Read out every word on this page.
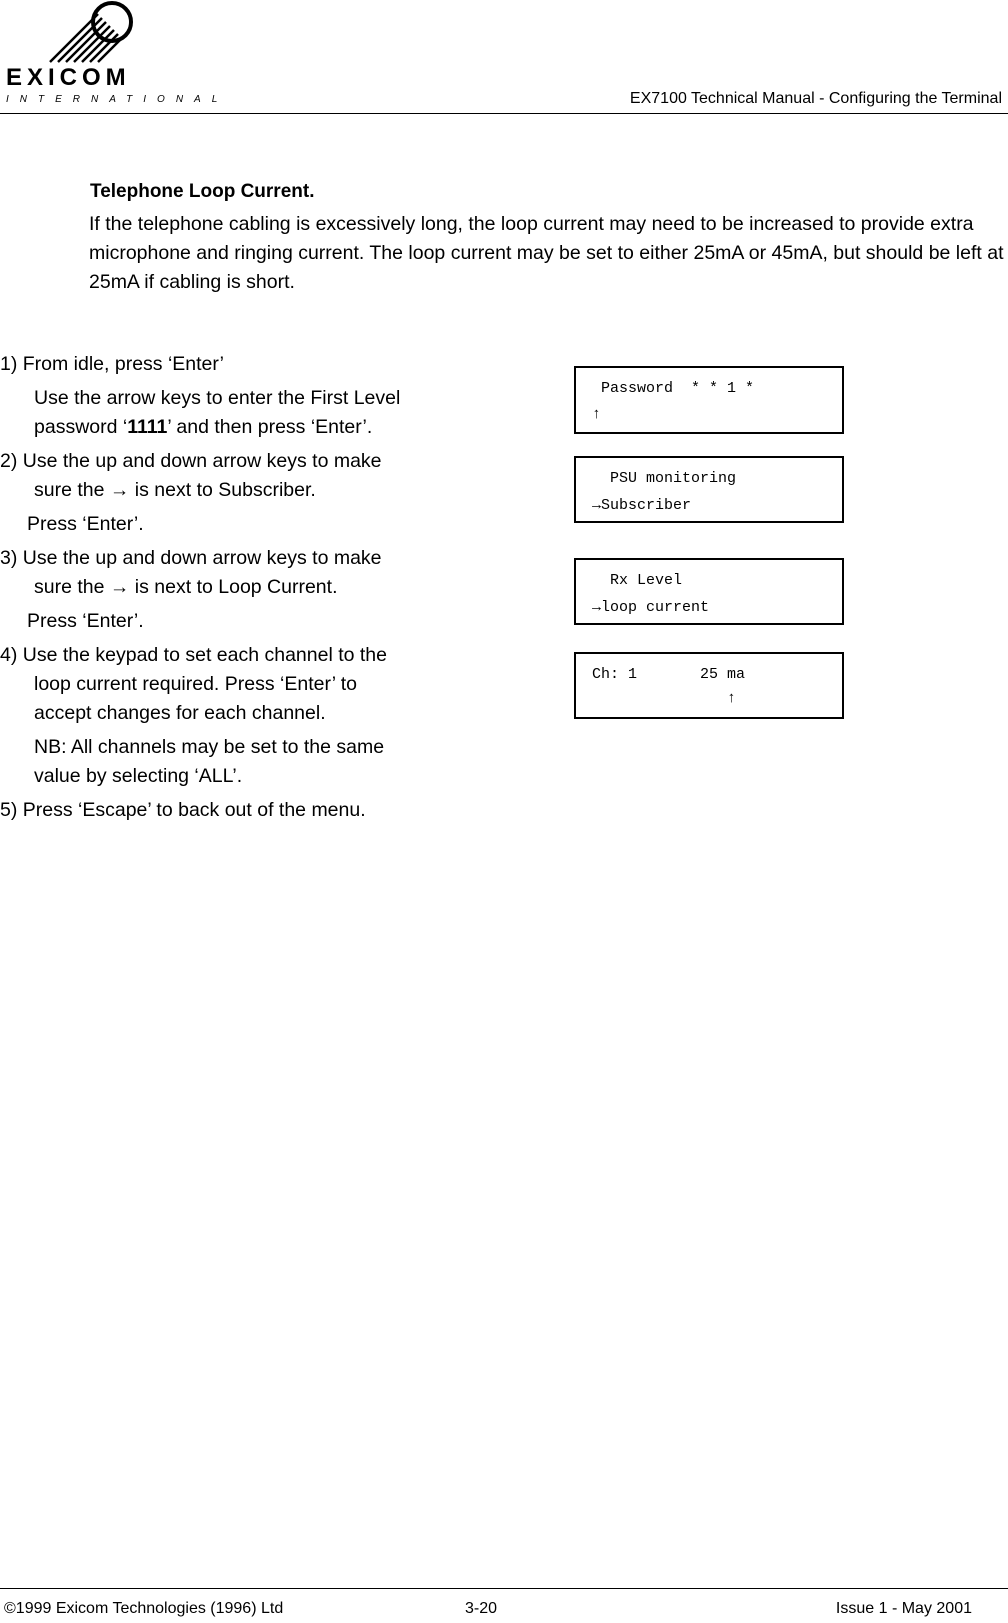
EXICOM
INTERNATIONAL	EX7100 Technical Manual - Configuring the Terminal
Telephone Loop Current.
If the telephone cabling is excessively long, the loop current may need to be increased to provide extra microphone and ringing current. The loop current may be set to either 25mA or 45mA, but should be left at 25mA if cabling is short.

1) From idle, press ‘Enter’

Use the arrow keys to enter the First Level password ‘1111’ and then press ‘Enter’.

2) Use the up and down arrow keys to make

sure the → is next to Subscriber.

Press ‘Enter’.

3) Use the up and down arrow keys to make

sure the → is next to Loop Current.

Press ‘Enter’.

4) Use the keypad to set each channel to the

loop current required. Press ‘Enter’ to

accept changes for each channel.

NB: All channels may be set to the same

value by selecting ‘ALL’.

5) Press ‘Escape’ to back out of the menu.

Password  * * 1 *
↑
PSU monitoring
→Subscriber
Rx Level
→loop current
Ch: 1       25 ma
↑
©1999 Exicom Technologies (1996) Ltd	3-20	Issue 1 - May 2001
